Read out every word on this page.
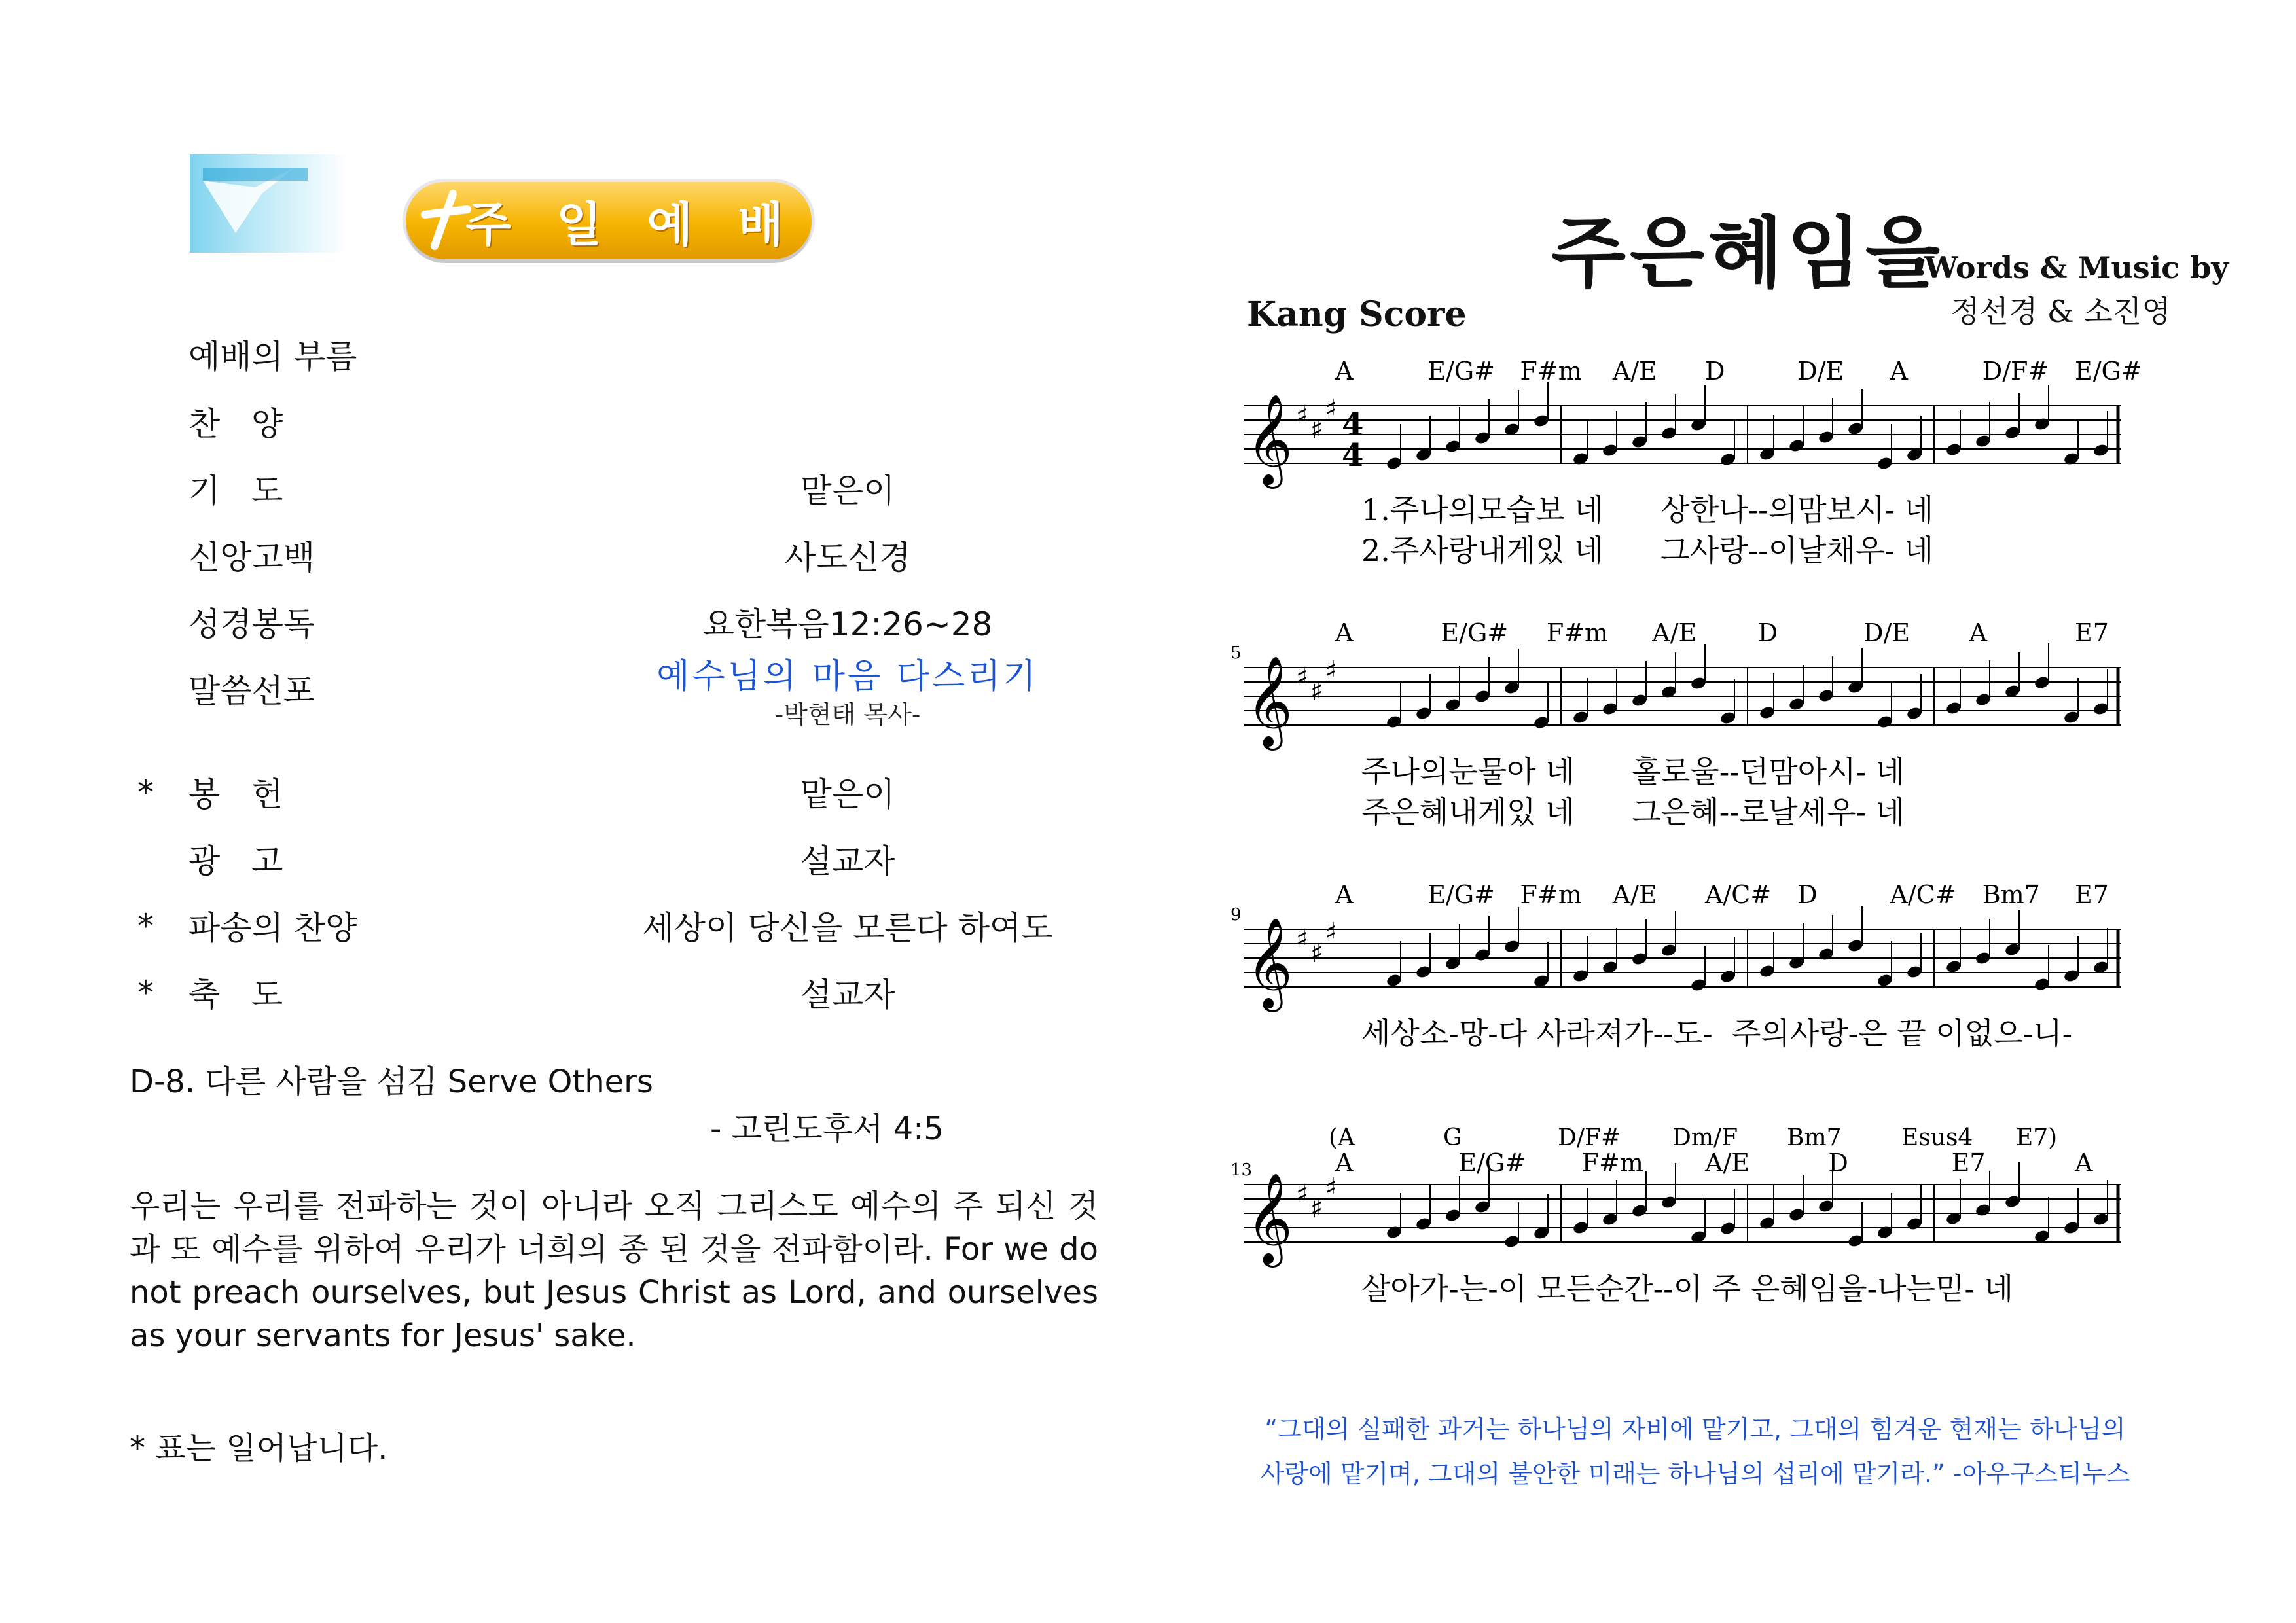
주 일 예 배
예배의 부름
찬   양
기   도	맡은이
신앙고백	사도신경
성경봉독	요한복음12:26~28
말씀선포	예수님의 마음 다스리기
-박현태 목사-
* 봉   헌	맡은이
광   고	설교자
* 파송의 찬양	세상이 당신을 모른다 하여도
* 축   도	설교자
D-8. 다른 사람을 섬김 Serve Others
- 고린도후서 4:5
우리는 우리를 전파하는 것이 아니라 오직 그리스도 예수의 주 되신 것과 또 예수를 위하여 우리가 너희의 종 된 것을 전파함이라. For we do not preach ourselves, but Jesus Christ as Lord, and ourselves as your servants for Jesus' sake.
* 표는 일어납니다.
주은혜임을
Kang Score
Words & Music by
정선경 & 소진영
A	E/G# F#m A/E D	D/E A	D/F# E/G#
𝄞 ♯ ♯
♯ 4
4
1.주나의모습보 네      상한나--의맘보시- 네
2.주사랑내게있 네      그사랑--이날채우- 네
5
A	E/G# F#m A/E D	D/E A	E7
𝄞 ♯ ♯
♯
주나의눈물아 네      홀로울--던맘아시- 네
주은혜내게있 네      그은혜--로날세우- 네
9
A	E/G# F#m A/E A/C# D	A/C# Bm7 E7
𝄞 ♯ ♯
♯
세상소-망-다 사라져가--도-  주의사랑-은 끝 이없으-니-
13
(A	G	D/F# Dm/F Bm7	Esus4 E7)
A	E/G# F#m A/E	D	E7	A
𝄞 ♯ ♯
♯
살아가-는-이 모든순간--이 주 은혜임을-나는믿- 네
“그대의 실패한 과거는 하나님의 자비에 맡기고, 그대의 힘겨운 현재는 하나님의
사랑에 맡기며, 그대의 불안한 미래는 하나님의 섭리에 맡기라.” -아우구스티누스
